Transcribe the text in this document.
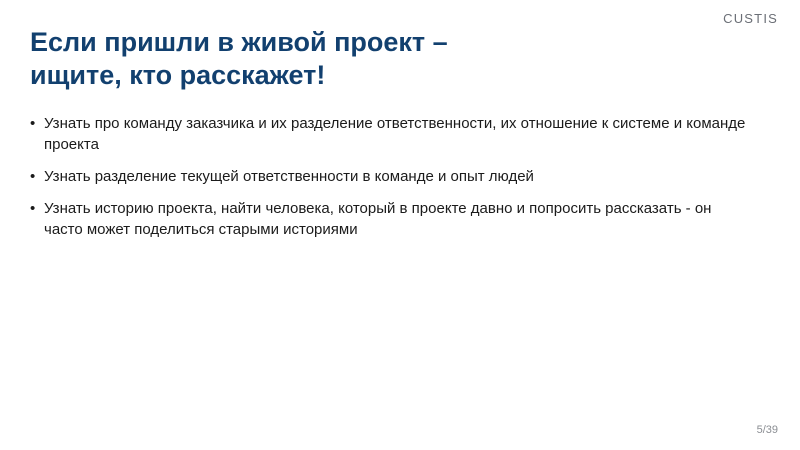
CUSTIS
Если пришли в живой проект –
ищите, кто расскажет!
• Узнать про команду заказчика и их разделение ответственности, их отношение к системе и команде проекта
• Узнать разделение текущей ответственности в команде и опыт людей
• Узнать историю проекта, найти человека, который в проекте давно и попросить рассказать - он часто может поделиться старыми историями
5/39
